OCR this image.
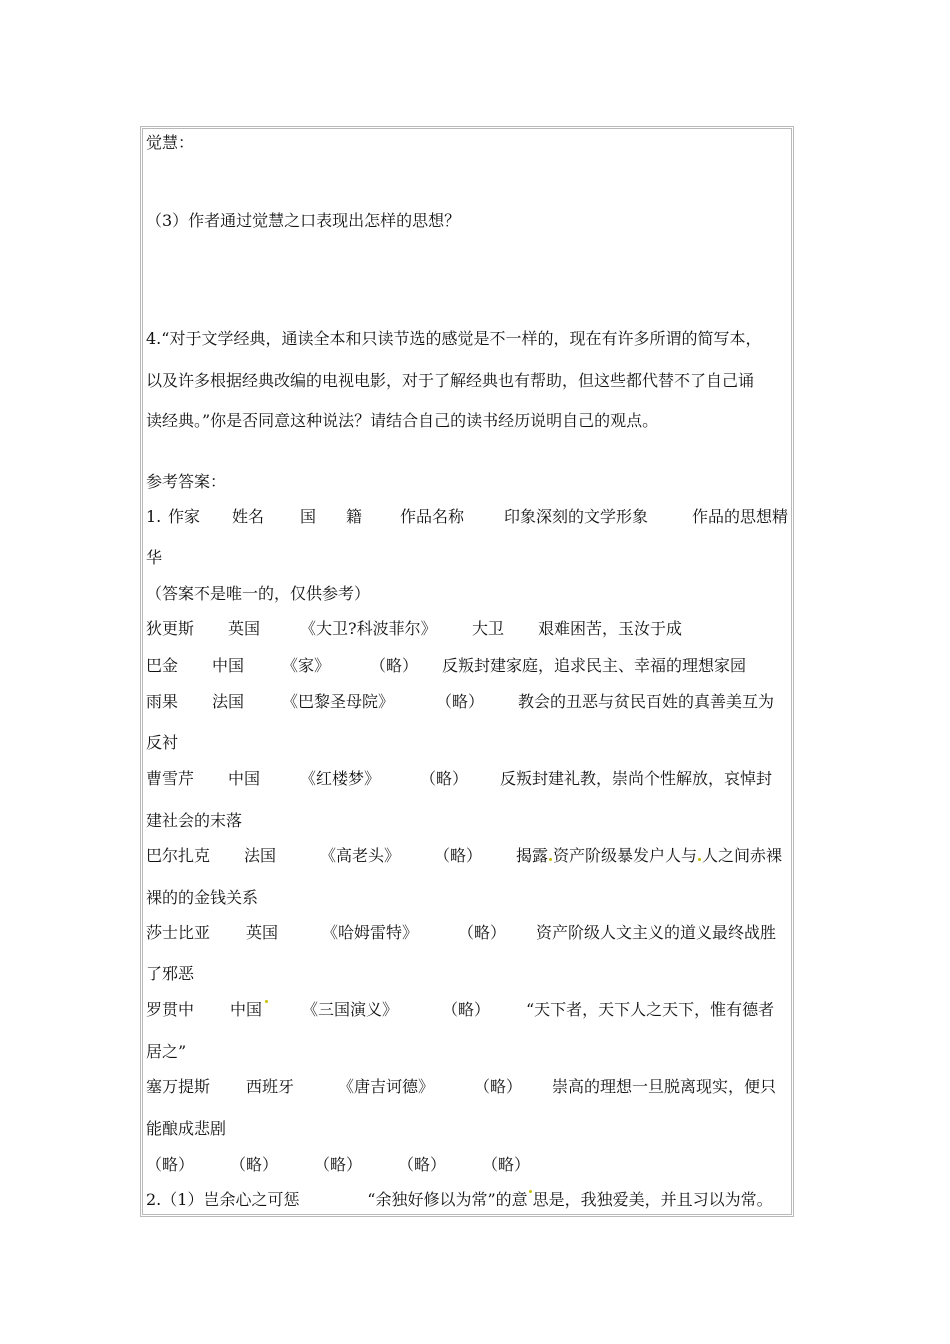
觉慧：
（3）作者通过觉慧之口表现出怎样的思想？
4.“对于文学经典，通读全本和只读节选的感觉是不一样的，现在有许多所谓的简写本，
以及许多根据经典改编的电视电影，对于了解经典也有帮助，但这些都代替不了自己诵
读经典。”你是否同意这种说法？请结合自己的读书经历说明自己的观点。
参考答案：
1. 作家	姓名	国	籍	作品名称	印象深刻的文学形象	作品的思想精
华
（答案不是唯一的，仅供参考）
狄更斯	英国	《大卫?科波菲尔》	大卫	艰难困苦，玉汝于成
巴金	中国	《家》	（略）	反叛封建家庭，追求民主、幸福的理想家园
雨果	法国	《巴黎圣母院》	（略）	教会的丑恶与贫民百姓的真善美互为
反衬
曹雪芹	中国	《红楼梦》	（略）	反叛封建礼教，崇尚个性解放，哀悼封
建社会的末落
巴尔扎克	法国	《高老头》	（略）	揭露 资产阶级暴发户人与 人之间赤裸
裸的的金钱关系
莎士比亚	英国	《哈姆雷特》	（略）	资产阶级人文主义的道义最终战胜
了邪恶
罗贯中	中国 《三国演义》	（略）	“天下者，天下人之天下，惟有德者
居之”
塞万提斯	西班牙	《唐吉诃德》	（略）	崇高的理想一旦脱离现实，便只
能酿成悲剧
（略）	（略）	（略）	（略）	（略）
2. （1）岂余心之可惩	“余独好修以为常”的意 思是，我独爱美，并且习以为常。
